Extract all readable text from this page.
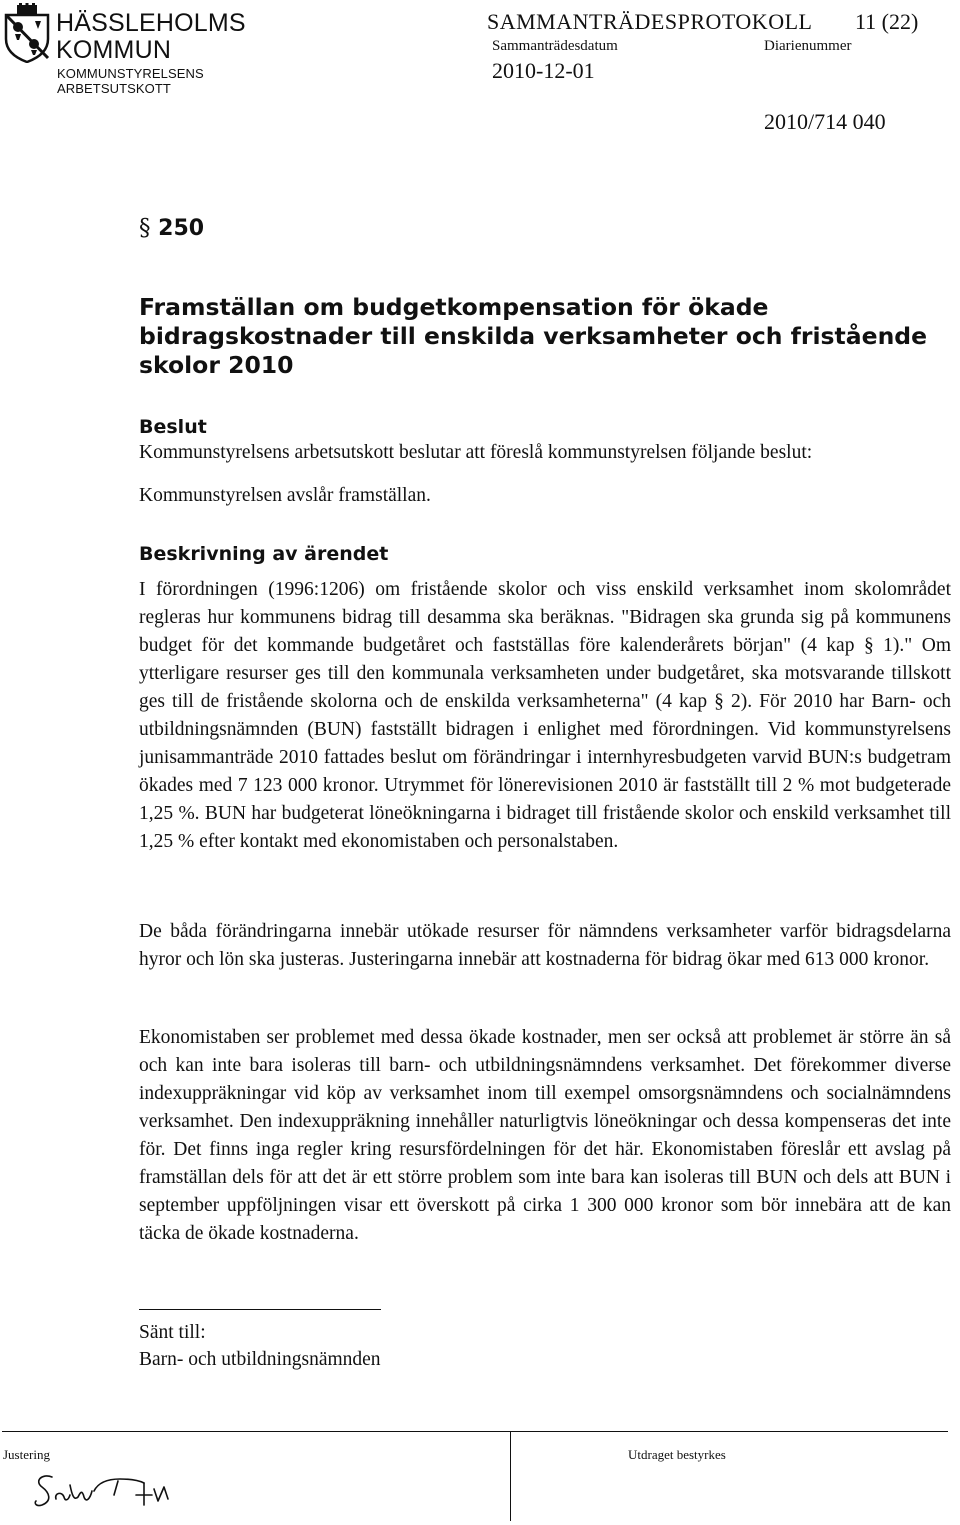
HÄSSLEHOLMS
KOMMUN
KOMMUNSTYRELSENS
ARBETSUTSKOTT
SAMMANTRÄDESPROTOKOLL 11 (22)
Sammanträdesdatum
2010-12-01
Diarienummer
2010/714 040
§ 250
Framställan om budgetkompensation för ökade bidragskostnader till enskilda verksamheter och fristående skolor 2010
Beslut
Kommunstyrelsens arbetsutskott beslutar att föreslå kommunstyrelsen följande beslut:
Kommunstyrelsen avslår framställan.
Beskrivning av ärendet

I förordningen (1996:1206) om fristående skolor och viss enskild verksamhet inom skolområdet regleras hur kommunens bidrag till desamma ska beräknas. "Bidragen ska grunda sig på kommunens budget för det kommande budgetåret och fastställas före kalenderårets början" (4 kap § 1)." Om ytterligare resurser ges till den kommunala verksamheten under budgetåret, ska motsvarande tillskott ges till de fristående skolorna och de enskilda verksamheterna" (4 kap § 2). För 2010 har Barn- och utbildningsnämnden (BUN) fastställt bidragen i enlighet med förordningen. Vid kommunstyrelsens junisammanträde 2010 fattades beslut om förändringar i internhyresbudgeten varvid BUN:s budgetram ökades med 7 123 000 kronor. Utrymmet för lönerevisionen 2010 är fastställt till 2 % mot budgeterade 1,25 %. BUN har budgeterat löneökningarna i bidraget till fristående skolor och enskild verksamhet till 1,25 % efter kontakt med ekonomistaben och personalstaben.

De båda förändringarna innebär utökade resurser för nämndens verksamheter varför bidragsdelarna hyror och lön ska justeras. Justeringarna innebär att kostnaderna för bidrag ökar med 613 000 kronor.

Ekonomistaben ser problemet med dessa ökade kostnader, men ser också att problemet är större än så och kan inte bara isoleras till barn- och utbildningsnämndens verksamhet. Det förekommer diverse indexuppräkningar vid köp av verksamhet inom till exempel omsorgsnämndens och socialnämndens verksamhet. Den indexuppräkning innehåller naturligtvis löneökningar och dessa kompenseras det inte för. Det finns inga regler kring resursfördelningen för det här. Ekonomistaben föreslår ett avslag på framställan dels för att det är ett större problem som inte bara kan isoleras till BUN och dels att BUN i september uppföljningen visar ett överskott på cirka 1 300 000 kronor som bör innebära att de kan täcka de ökade kostnaderna.

Sänt till:
Barn- och utbildningsnämnden
Justering	Utdraget bestyrkes
